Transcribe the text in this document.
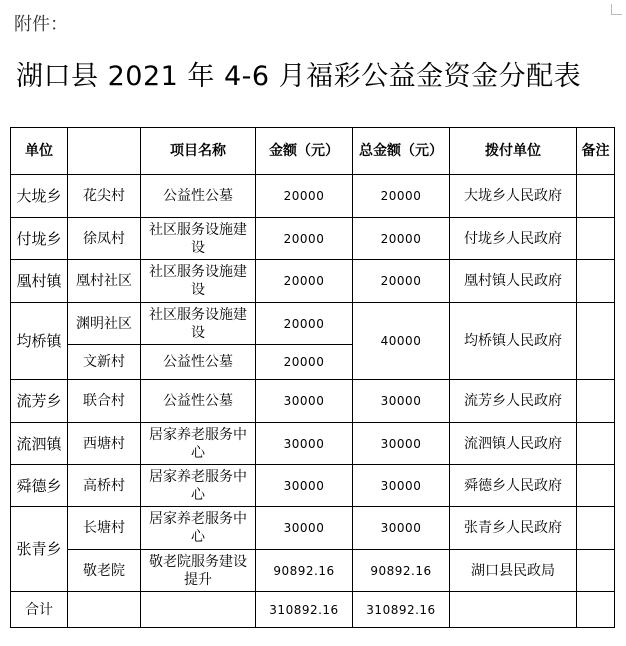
附件：
湖口县 2021 年 4-6 月福彩公益金资金分配表
单位		项目名称	金额（元）	总金额（元）	拨付单位	备注
大垅乡	花尖村	公益性公墓	20000	20000	大垅乡人民政府	
付垅乡	徐凤村	社区服务设施建设	20000	20000	付垅乡人民政府	
凰村镇	凰村社区	社区服务设施建设	20000	20000	凰村镇人民政府	
均桥镇	渊明社区	社区服务设施建设	20000	40000	均桥镇人民政府	
	文新村	公益性公墓	20000			
流芳乡	联合村	公益性公墓	30000	30000	流芳乡人民政府	
流泗镇	西塘村	居家养老服务中心	30000	30000	流泗镇人民政府	
舜德乡	高桥村	居家养老服务中心	30000	30000	舜德乡人民政府	
张青乡	长塘村	居家养老服务中心	30000	30000	张青乡人民政府	
	敬老院	敬老院服务建设提升	90892.16	90892.16	湖口县民政局	
合计			310892.16	310892.16		
